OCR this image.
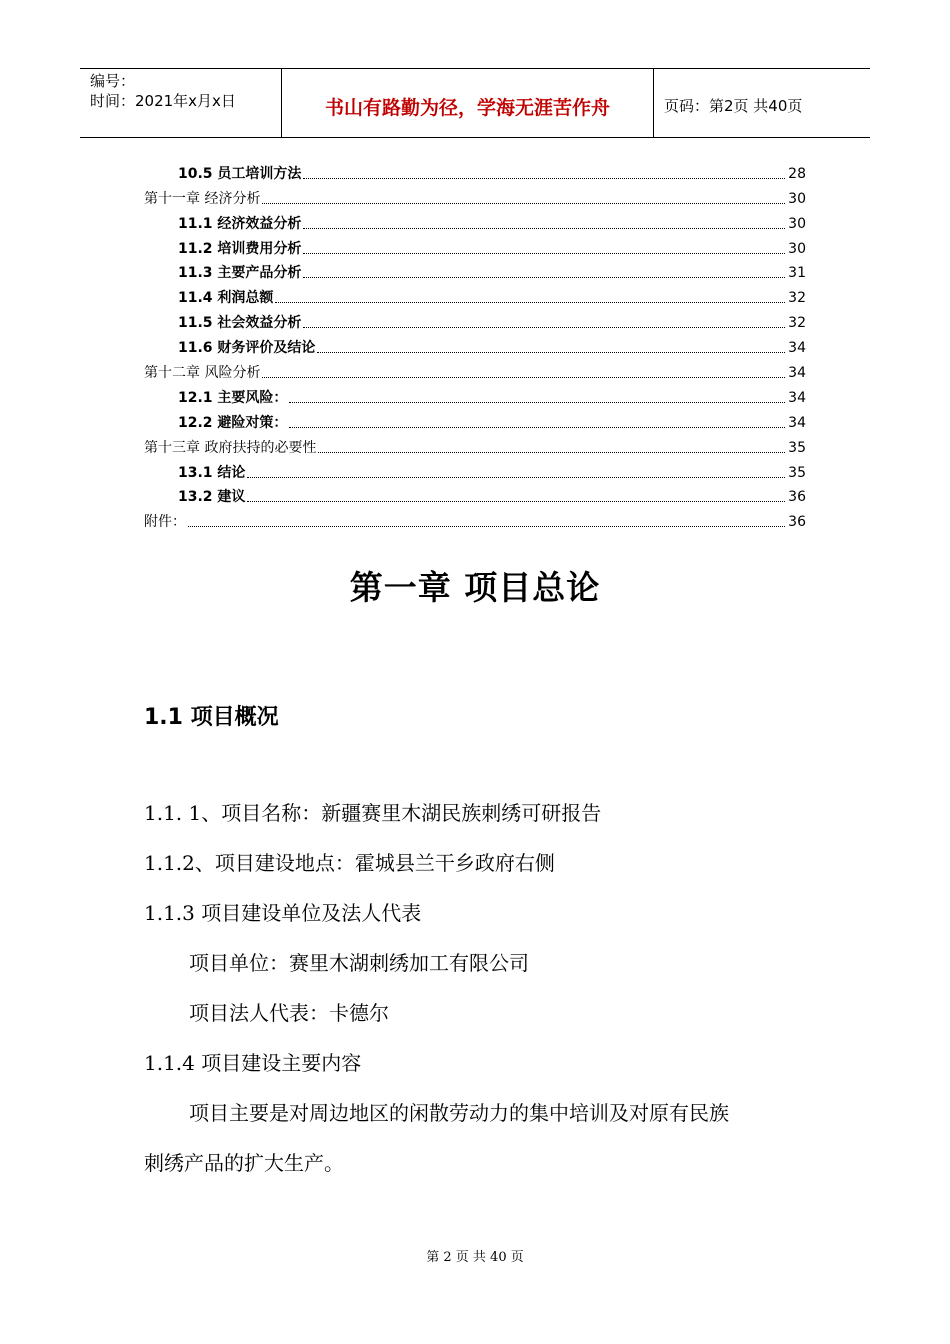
编号：
时间：2021年x月x日	书山有路勤为径，学海无涯苦作舟	页码：第2页 共40页
10.5 员工培训方法	28
第十一章 经济分析	30
11.1 经济效益分析	30
11.2 培训费用分析	30
11.3 主要产品分析	31
11.4 利润总额	32
11.5 社会效益分析	32
11.6 财务评价及结论	34
第十二章 风险分析	34
12.1 主要风险：	34
12.2 避险对策：	34
第十三章 政府扶持的必要性	35
13.1 结论	35
13.2 建议	36
附件：	36
第一章 项目总论
1.1 项目概况
1.1. 1、项目名称：新疆赛里木湖民族刺绣可研报告
1.1.2、项目建设地点：霍城县兰干乡政府右侧
1.1.3 项目建设单位及法人代表
项目单位：赛里木湖刺绣加工有限公司
项目法人代表：卡德尔
1.1.4 项目建设主要内容
项目主要是对周边地区的闲散劳动力的集中培训及对原有民族
刺绣产品的扩大生产。
第 2 页 共 40 页
